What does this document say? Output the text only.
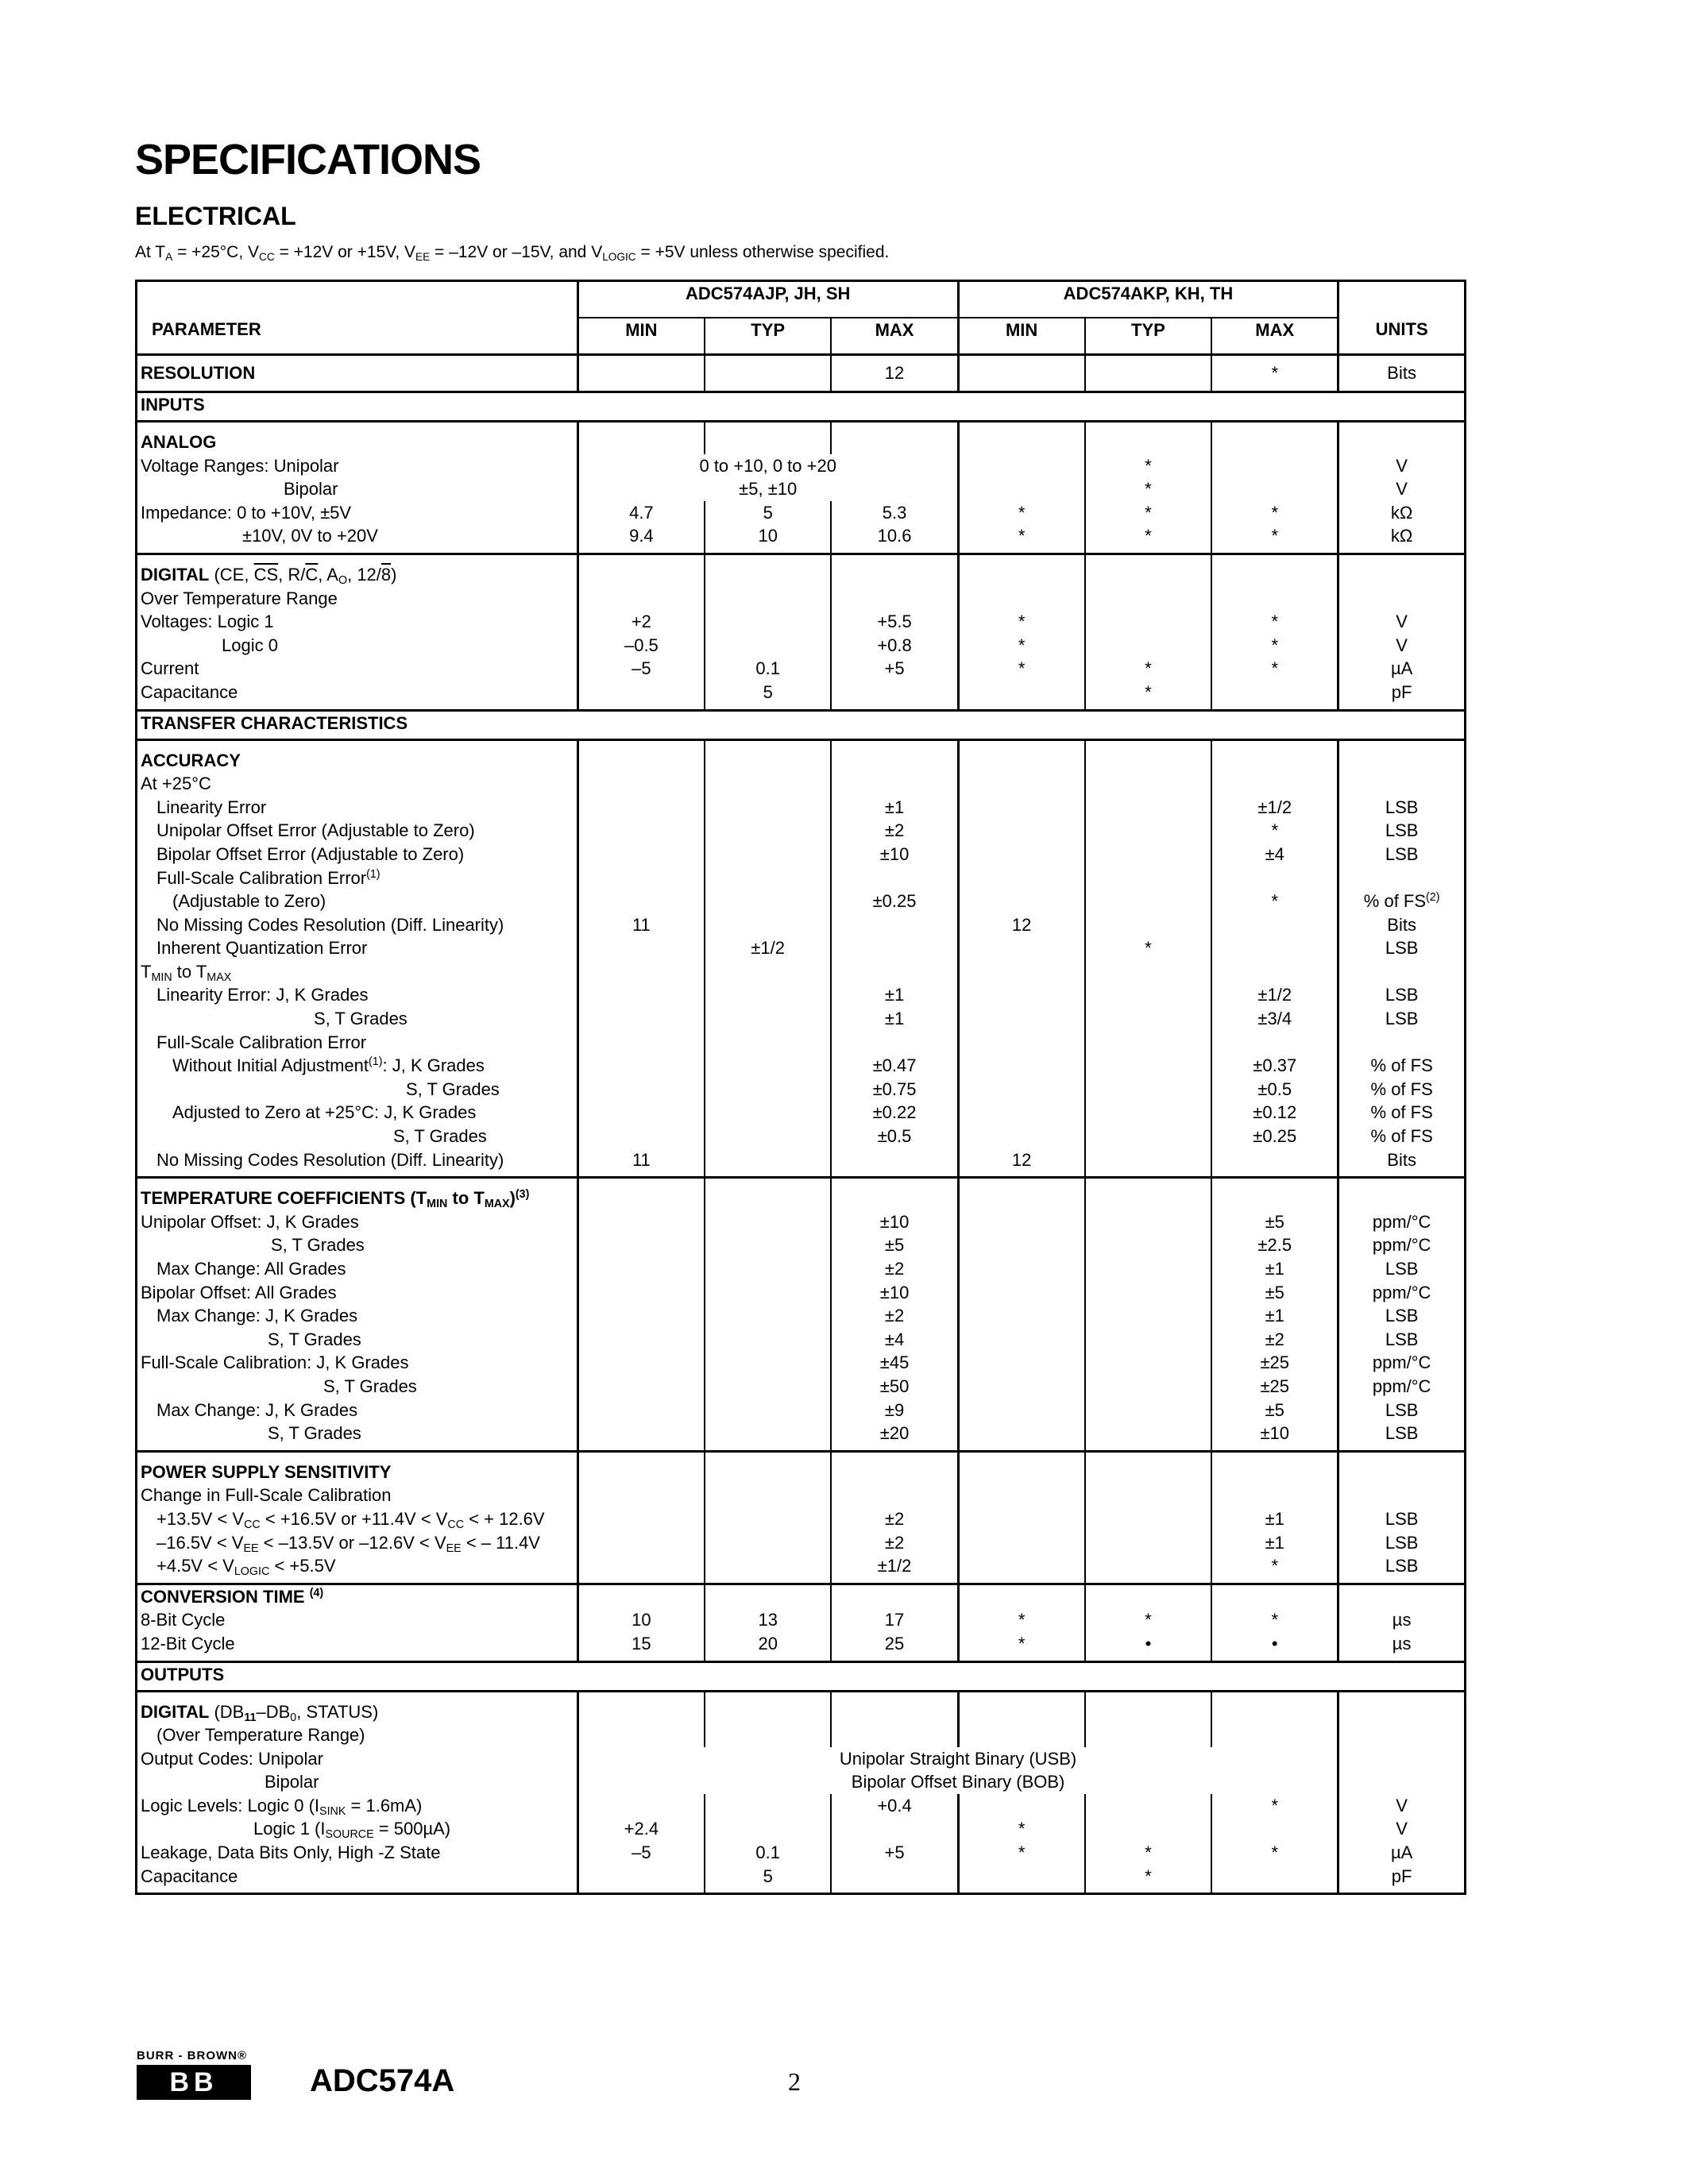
SPECIFICATIONS
ELECTRICAL
At $T_A = +25^\circ C$, $V_{CC} = +12V$ or +15V, $V_{EE} = -12V$ or –15V, and $V_{LOGIC} = +5V$ unless otherwise specified.
	ADC574AJP, JH, SH			ADC574AKP, KH, TH			
PARAMETER	MIN	TYP	MAX	MIN	TYP	MAX	UNITS
RESOLUTION			12			*	Bits
INPUTS							
ANALOG							
Voltage Ranges: Unipolar	0 to +10, 0 to +20				*		V
Bipolar	±5, ±10				*		V
Impedance: 0 to +10V, ±5V	4.7	5	5.3	*	*	*	kΩ
±10V, 0V to +20V	9.4	10	10.6	*	*	*	kΩ
DIGITAL (CE, $\overline{CS}$, $R/\overline{C}$, $A_O$, 12/8)							
Over Temperature Range							
Voltages: Logic 1	+2		+5.5	*		*	V
Logic 0	–0.5		+0.8	*		*	V
Current	–5	0.1	+5	*	*	*	µA
Capacitance		5			*		pF
TRANSFER CHARACTERISTICS							
ACCURACY							
At +25°C							
Linearity Error			±1			±1/2	LSB
Unipolar Offset Error (Adjustable to Zero)			±2			*	LSB
Bipolar Offset Error (Adjustable to Zero)			±10			±4	LSB
Full-Scale Calibration Error$^{(1)}$							
(Adjustable to Zero)			±0.25			*	% of FS$^{(2)}$
No Missing Codes Resolution (Diff. Linearity)	11			12			Bits
Inherent Quantization Error		±1/2			*		LSB
$T_{MIN}$ to $T_{MAX}$							
Linearity Error: J, K Grades			±1			±1/2	LSB
S, T Grades			±1			±3/4	LSB
Full-Scale Calibration Error							
Without Initial Adjustment$^{(1)}$: J, K Grades			±0.47			±0.37	% of FS
S, T Grades			±0.75			±0.5	% of FS
Adjusted to Zero at +25°C: J, K Grades			±0.22			±0.12	% of FS
S, T Grades			±0.5			±0.25	% of FS
No Missing Codes Resolution (Diff. Linearity)	11			12			Bits
TEMPERATURE COEFFICIENTS ($T_{MIN}$ to $T_{MAX})^{(3)}$							
Unipolar Offset: J, K Grades			±10			±5	ppm/°C
S, T Grades			±5			±2.5	ppm/°C
Max Change: All Grades			±2			±1	LSB
Bipolar Offset: All Grades			±10			±5	ppm/°C
Max Change: J, K Grades			±2			±1	LSB
S, T Grades			±4			±2	LSB
Full-Scale Calibration: J, K Grades			±45			±25	ppm/°C
S, T Grades			±50			±25	ppm/°C
Max Change: J, K Grades			±9			±5	LSB
S, T Grades			±20			±10	LSB
POWER SUPPLY SENSITIVITY							
Change in Full-Scale Calibration							
$+13.5V < V_{CC} < +16.5V$ or $+11.4V < V_{CC}$ < + 12.6V			±2			±1	LSB
$-16.5V < V_{EE} < -13.5V$ or $-12.6V < V_{EE}$ < – 11.4V			±2			±1	LSB
$+4.5V < V_{LOGIC} < +5.5V$			±1/2			*	LSB
CONVERSION TIME $^{(4)}$							
8-Bit Cycle	10	13	17	*	*	*	µs
12-Bit Cycle	15	20	25	*	•	•	µs
OUTPUTS							
DIGITAL ($DB_{11}-DB_0$, STATUS)							
(Over Temperature Range)							
Output Codes: Unipolar	Unipolar Straight Binary (USB)						
Bipolar	Bipolar Offset Binary (BOB)						
Logic Levels: Logic 0 $(I_{SINK} = 1.6mA)$			+0.4			*	V
Logic 1 $(I_{SOURCE} = 500\mu A)$	+2.4			*			V
Leakage, Data Bits Only, High -Z State	–5	0.1	+5	*	*	*	µA
Capacitance		5			*		pF
BURR - BROWN®
BB	ADC574A	2
